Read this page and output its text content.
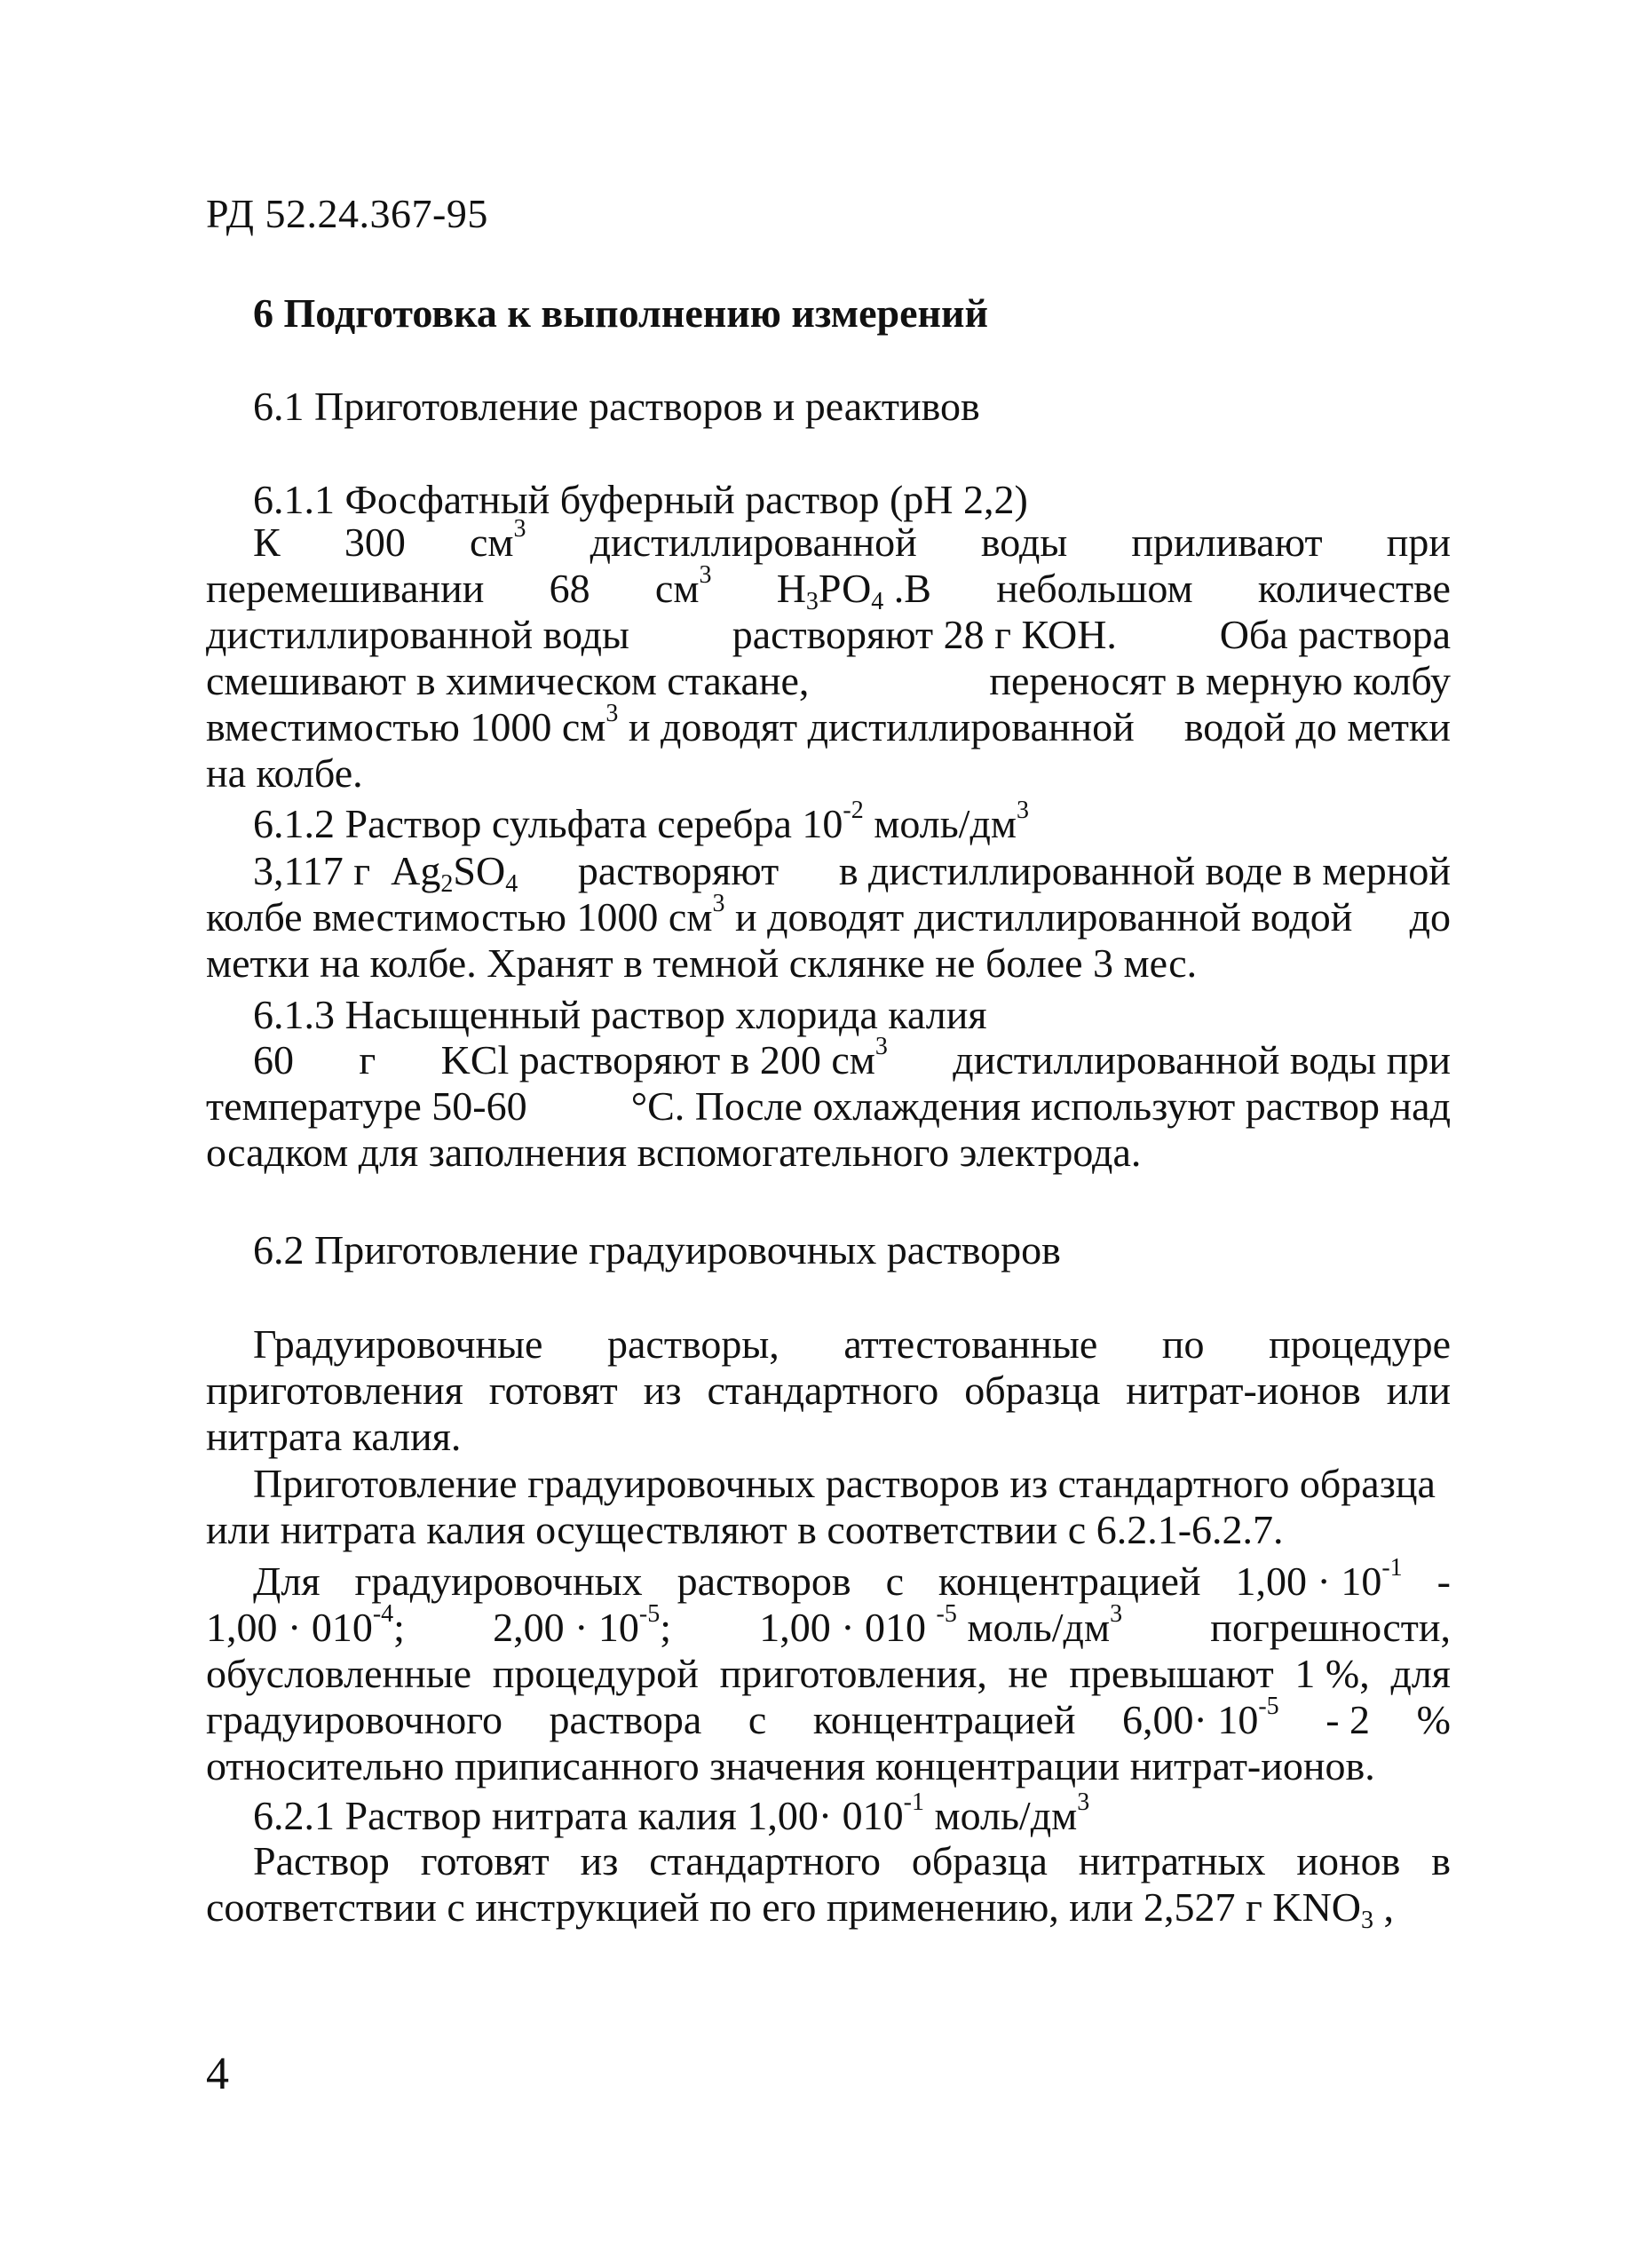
РД 52.24.367-95
6 Подготовка к выполнению измерений
6.1 Приготовление растворов и реактивов
6.1.1 Фосфатный буферный раствор (рН 2,2)
К 300 $см^3$ дистиллированной воды приливают при
перемешивании 68 $см^3$ $Н_3РО_4$ .В небольшом количестве
дистиллированной воды	растворяют 28 г КОН.	Оба раствора
смешивают в химическом стакане,	переносят в мерную колбу
вместимостью 1000 $см^3$ и доводят дистиллированной водой до метки
на колбе.
6.1.2 Раствор сульфата серебра $10^{-2}$ моль/$дм^3$
3,117 г $Ag_2SO_4$ растворяют в дистиллированной воде в мерной
колбе вместимостью 1000 $см^3$ и доводят дистиллированной водой до
метки на колбе. Хранят в темной склянке не более 3 мес.
6.1.3 Насыщенный раствор хлорида калия
60 г KCl растворяют в 200 $см^3$ дистиллированной воды при
температуре 50-60	°С. После охлаждения используют раствор над
осадком для заполнения вспомогательного электрода.
6.2 Приготовление градуировочных растворов
Градуировочные растворы, аттестованные по процедуре
приготовления готовят из стандартного образца нитрат-ионов или
нитрата калия.
Приготовление градуировочных растворов из стандартного образца
или нитрата калия осуществляют в соответствии с 6.2.1-6.2.7.
Для градуировочных растворов с концентрацией $1,00 \cdot 10^{-1}$ -
$1,00 \cdot 010^{-4}$; $2,00 \cdot 10^{-5}$; 1,00 · 010 $^{-5}$ моль/$дм^3$ погрешности,
обусловленные процедурой приготовления, не превышают 1 %, для
градуировочного раствора с концентрацией $6,00\cdot 10^{-5} - 2$ %
относительно приписанного значения концентрации нитрат-ионов.
6.2.1 Раствор нитрата калия $1,00\cdot 010^{-1}$ моль/$дм^3$
Раствор готовят из стандартного образца нитратных ионов в
соответствии с инструкцией по его применению, или 2,527 г $KNO_3$ ,
4
